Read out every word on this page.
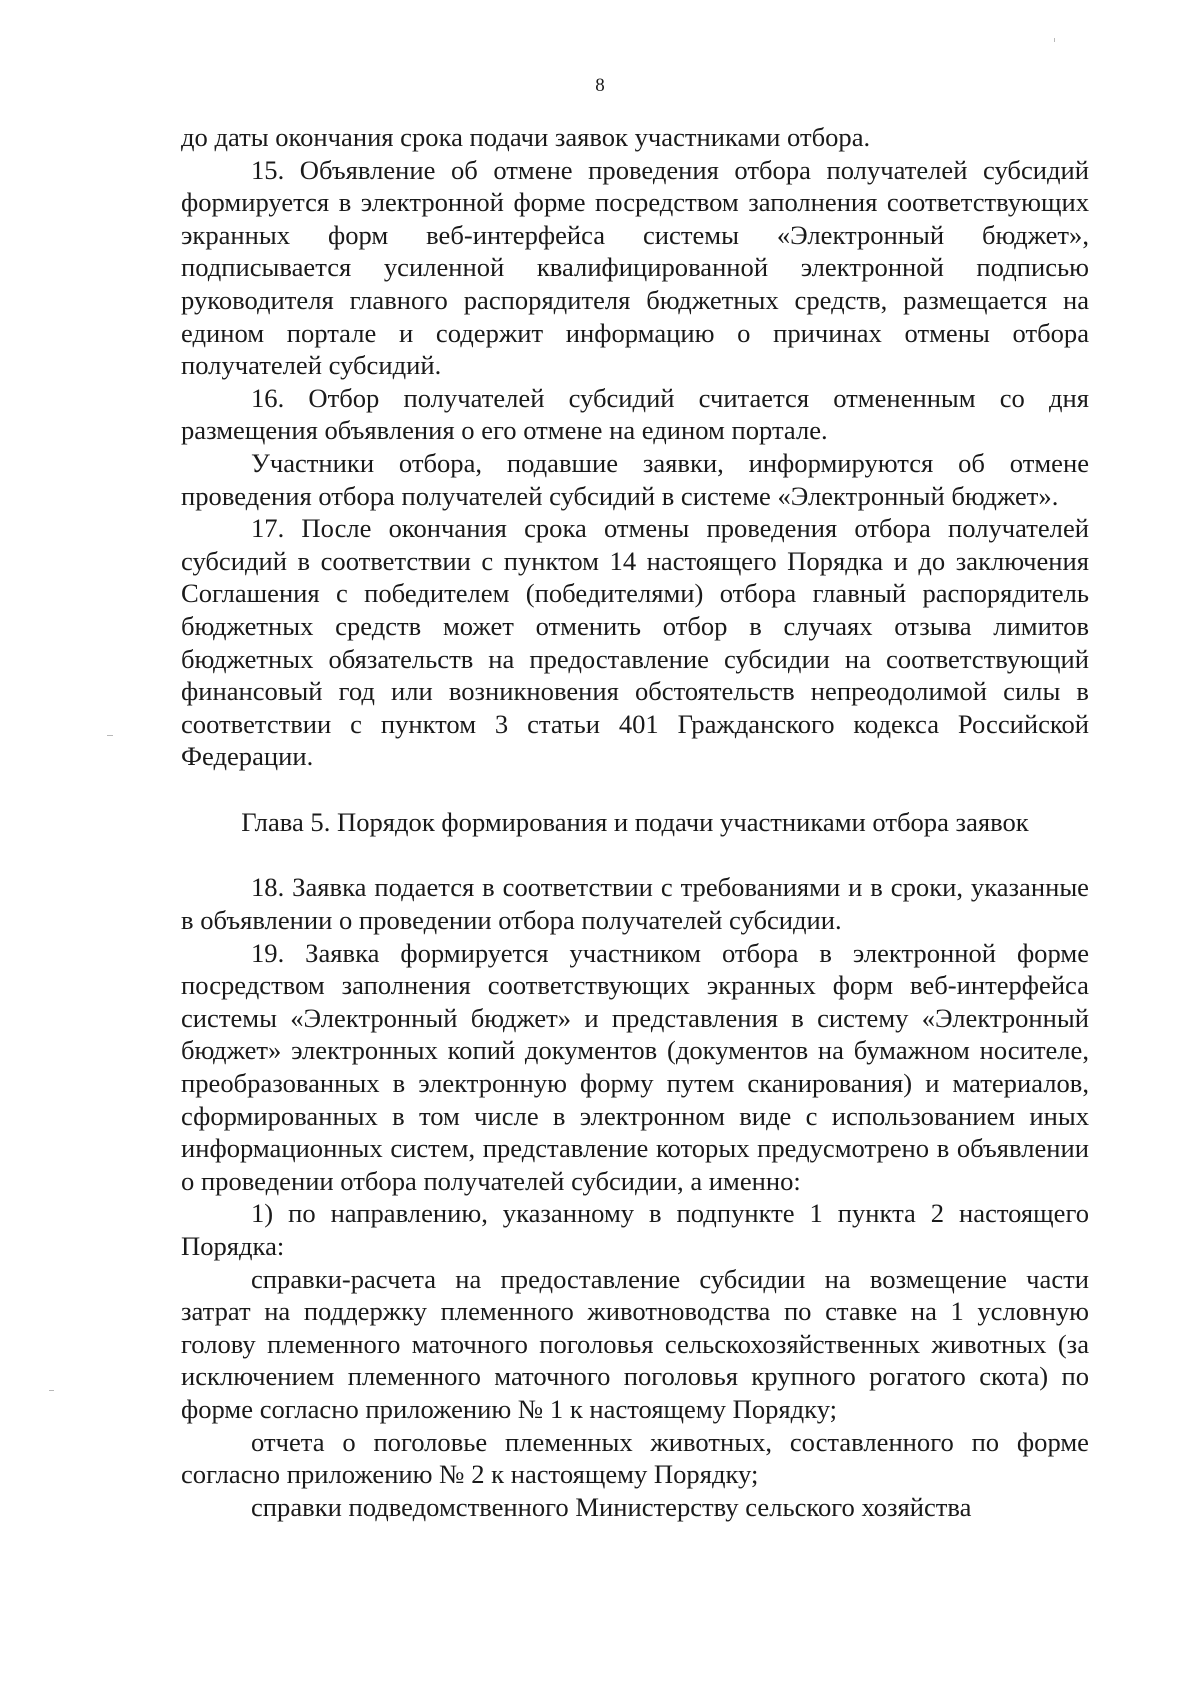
8

до даты окончания срока подачи заявок участниками отбора.

15. Объявление об отмене проведения отбора получателей субсидий формируется в электронной форме посредством заполнения соответствующих экранных форм веб-интерфейса системы «Электронный бюджет», подписывается усиленной квалифицированной электронной подписью руководителя главного распорядителя бюджетных средств, размещается на едином портале и содержит информацию о причинах отмены отбора получателей субсидий.

16. Отбор получателей субсидий считается отмененным со дня размещения объявления о его отмене на едином портале.

Участники отбора, подавшие заявки, информируются об отмене проведения отбора получателей субсидий в системе «Электронный бюджет».

17. После окончания срока отмены проведения отбора получателей субсидий в соответствии с пунктом 14 настоящего Порядка и до заключения Соглашения с победителем (победителями) отбора главный распорядитель бюджетных средств может отменить отбор в случаях отзыва лимитов бюджетных обязательств на предоставление субсидии на соответствующий финансовый год или возникновения обстоятельств непреодолимой силы в соответствии с пунктом 3 статьи 401 Гражданского кодекса Российской Федерации.

Глава 5. Порядок формирования и подачи участниками отбора заявок

18. Заявка подается в соответствии с требованиями и в сроки, указанные в объявлении о проведении отбора получателей субсидии.

19. Заявка формируется участником отбора в электронной форме посредством заполнения соответствующих экранных форм веб-интерфейса системы «Электронный бюджет» и представления в систему «Электронный бюджет» электронных копий документов (документов на бумажном носителе, преобразованных в электронную форму путем сканирования) и материалов, сформированных в том числе в электронном виде с использованием иных информационных систем, представление которых предусмотрено в объявлении о проведении отбора получателей субсидии, а именно:

1) по направлению, указанному в подпункте 1 пункта 2 настоящего Порядка:

справки-расчета на предоставление субсидии на возмещение части затрат на поддержку племенного животноводства по ставке на 1 условную голову племенного маточного поголовья сельскохозяйственных животных (за исключением племенного маточного поголовья крупного рогатого скота) по форме согласно приложению № 1 к настоящему Порядку;

отчета о поголовье племенных животных, составленного по форме согласно приложению № 2 к настоящему Порядку;

справки подведомственного Министерству сельского хозяйства
